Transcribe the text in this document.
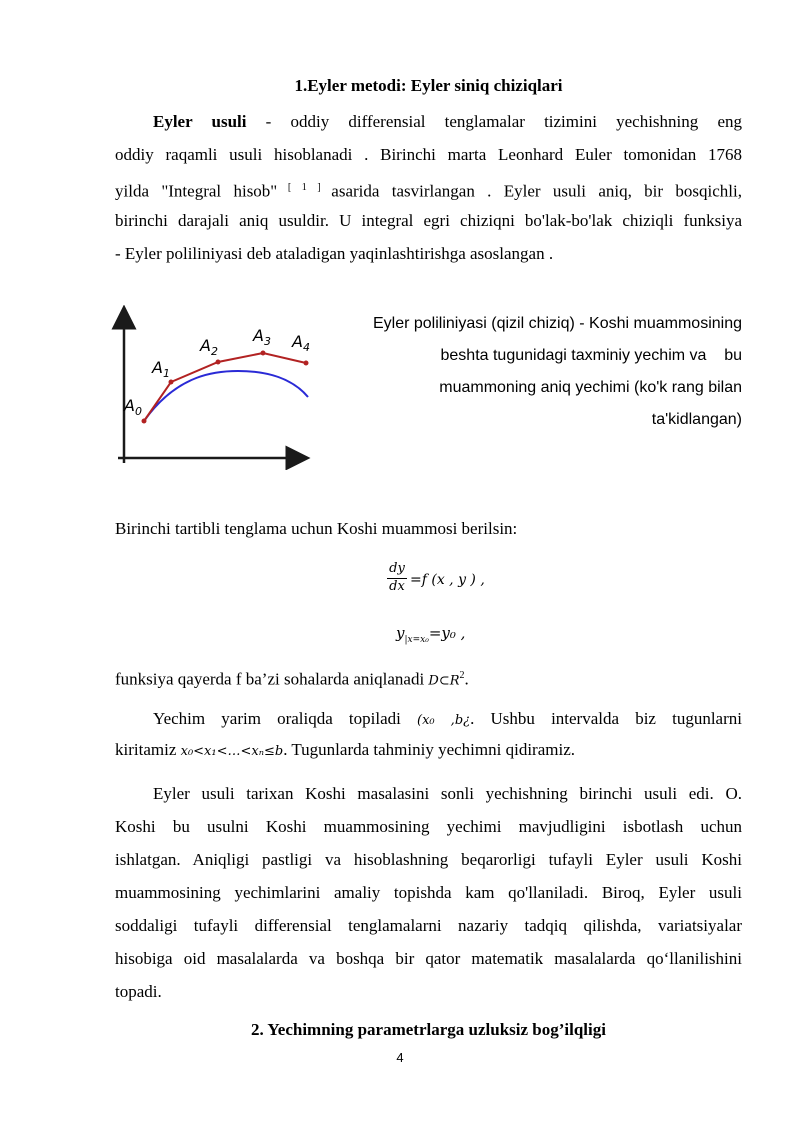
1.Eyler metodi: Eyler siniq chiziqlari
Eyler usuli - oddiy differensial tenglamalar tizimini yechishning eng
oddiy raqamli usuli hisoblanadi . Birinchi marta Leonhard Euler tomonidan 1768
yilda "Integral hisob" [ 1 ] asarida tasvirlangan . Eyler usuli aniq, bir bosqichli,
birinchi darajali aniq usuldir. U integral egri chiziqni bo'lak-bo'lak chiziqli funksiya
- Eyler poliliniyasi deb ataladigan yaqinlashtirishga asoslangan .
$A_0$
$A_1$
$A_2$
$A_3$ $A_4$
Eyler poliliniyasi (qizil chiziq) - Koshi muammosining
beshta tugunidagi taxminiy yechim va    bu
muammoning aniq yechimi (ko'k rang bilan
ta'kidlangan)
Birinchi tartibli tenglama uchun Koshi muammosi berilsin:
dy
dx =f (x , y ) ,
$y_{|x=x_0}=y_0$ ,
funksiya qayerda f ba’zi sohalarda aniqlanadi $D\subset R^2$.
Yechim yarim oraliqda topiladi (x₀ ,b¿. Ushbu intervalda biz tugunlarni
kiritamiz x₀<x₁<…<xₙ≤b. Tugunlarda tahminiy yechimni qidiramiz.
Eyler usuli tarixan Koshi masalasini sonli yechishning birinchi usuli edi. O.
Koshi bu usulni Koshi muammosining yechimi mavjudligini isbotlash uchun
ishlatgan. Aniqligi pastligi va hisoblashning beqarorligi tufayli Eyler usuli Koshi
muammosining yechimlarini amaliy topishda kam qo'llaniladi. Biroq, Eyler usuli
soddaligi tufayli differensial tenglamalarni nazariy tadqiq qilishda, variatsiyalar
hisobiga oid masalalarda va boshqa bir qator matematik masalalarda qo‘llanilishini
topadi.
2. Yechimning parametrlarga uzluksiz bog’ilqligi
4
